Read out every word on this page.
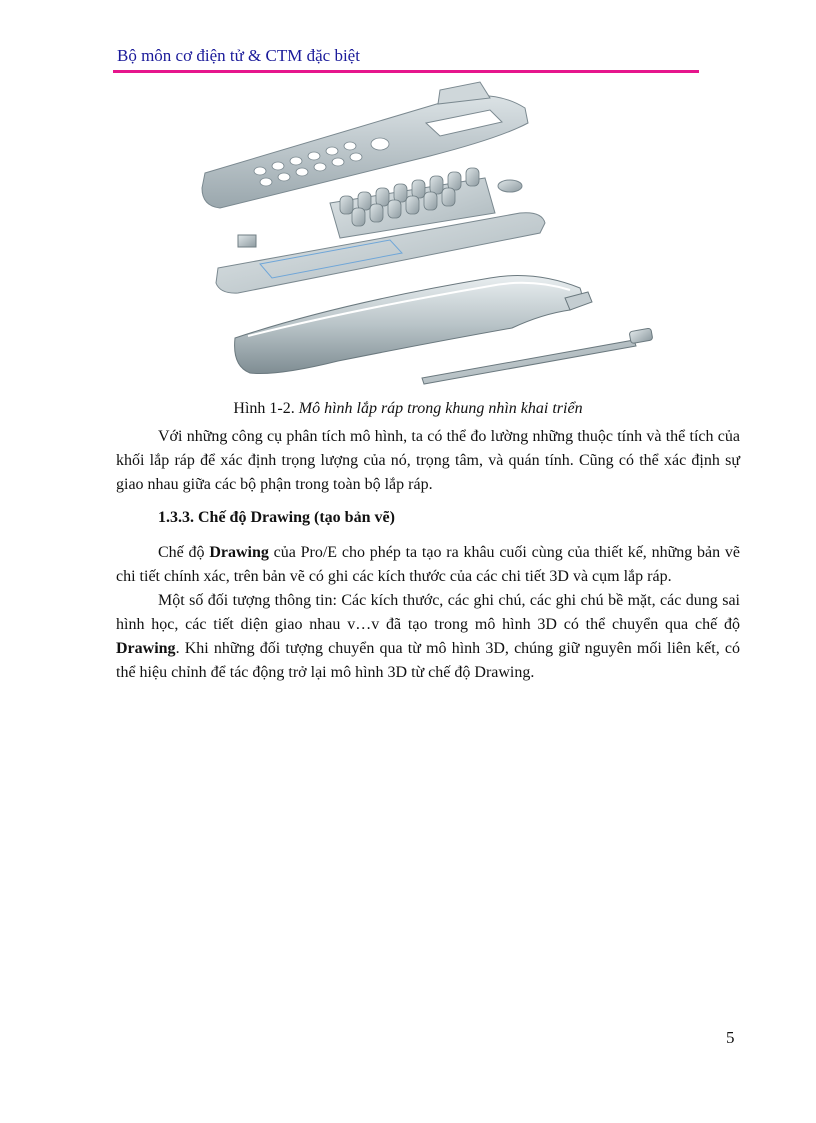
Bộ môn cơ điện tử & CTM đặc biệt
Hình 1-2. Mô hình lắp ráp trong khung nhìn khai triển

Với những công cụ phân tích mô hình, ta có thể đo lường những thuộc tính và thể tích của khối lắp ráp để xác định trọng lượng của nó, trọng tâm, và quán tính. Cũng có thể xác định sự giao nhau giữa các bộ phận trong toàn bộ lắp ráp.

1.3.3. Chế độ Drawing (tạo bản vẽ)

Chế độ Drawing của Pro/E cho phép ta tạo ra khâu cuối cùng của thiết kế, những bản vẽ chi tiết chính xác, trên bản vẽ có ghi các kích thước của các chi tiết 3D và cụm lắp ráp.

Một số đối tượng thông tin: Các kích thước, các ghi chú, các ghi chú bề mặt, các dung sai hình học, các tiết diện giao nhau v…v đã tạo trong mô hình 3D có thể chuyển qua chế độ Drawing. Khi những đối tượng chuyển qua từ mô hình 3D, chúng giữ nguyên mối liên kết, có thể hiệu chỉnh để tác động trở lại mô hình 3D từ chế độ Drawing.

5
